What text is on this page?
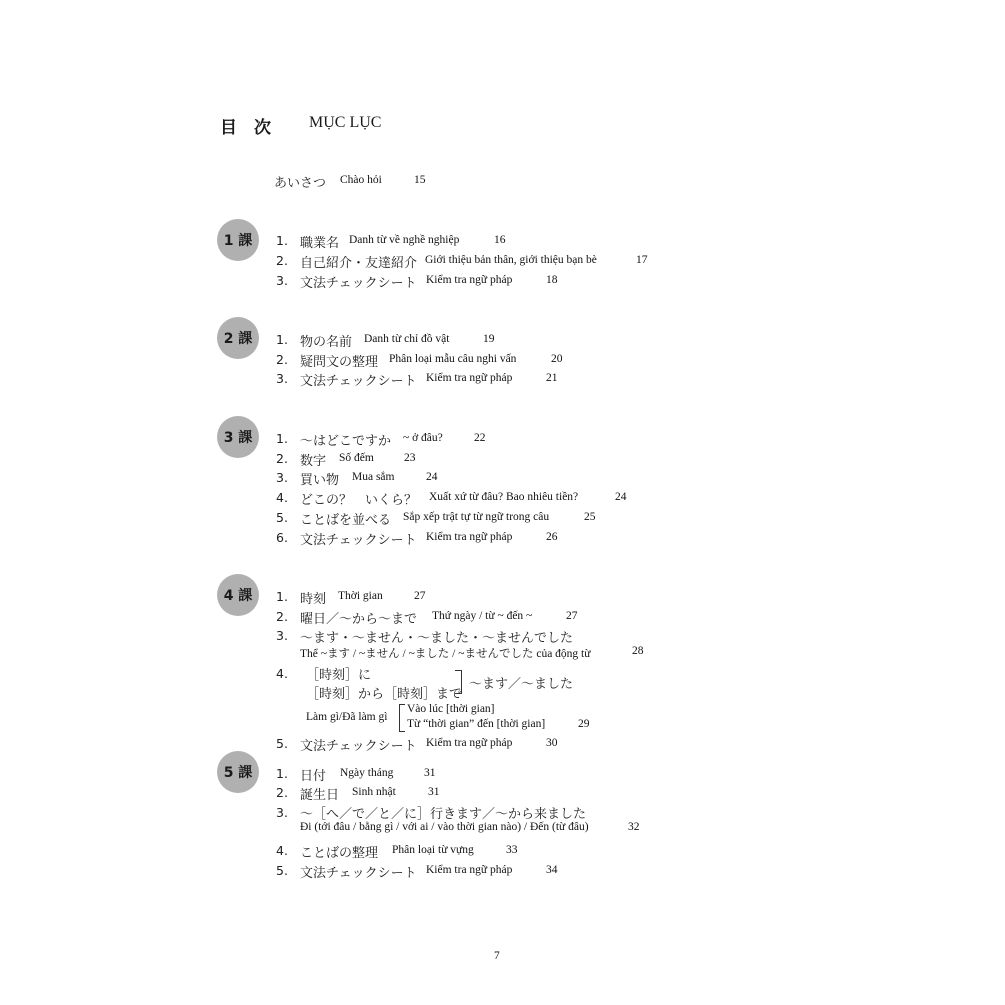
目　次 MỤC LỤC
あいさつ Chào hỏi	15
1 課 1. 職業名 Danh từ về nghề nghiệp	16
2. 自己紹介・友達紹介 Giới thiệu bản thân, giới thiệu bạn bè	17
3. 文法チェックシート Kiểm tra ngữ pháp	18
2 課 1. 物の名前 Danh từ chỉ đồ vật	19
2. 疑問文の整理 Phân loại mẫu câu nghi vấn	20
3. 文法チェックシート Kiểm tra ngữ pháp	21
3 課 1. 〜はどこですか ~ ở đâu?	22
2. 数字 Số đếm	23
3. 買い物 Mua sắm	24
4. どこの？　いくら？ Xuất xứ từ đâu? Bao nhiêu tiền?	24
5. ことばを並べる Sắp xếp trật tự từ ngữ trong câu	25
6. 文法チェックシート Kiểm tra ngữ pháp	26
4 課 1. 時刻 Thời gian	27
2. 曜日／〜から〜まで Thứ ngày / từ ~ đến ~	27
3. 〜ます・〜ません・〜ました・〜ませんでした
Thể ~ます / ~ません / ~ました / ~ませんでした của động từ	28
4. ［時刻］に
［時刻］から［時刻］まで
〜ます／〜ました
Làm gì/Đã làm gì
Vào lúc [thời gian]
Từ “thời gian” đến [thời gian]	29
5. 文法チェックシート Kiểm tra ngữ pháp	30
5 課 1. 日付 Ngày tháng	31
2. 誕生日 Sinh nhật	31
3. 〜［へ／で／と／に］行きます／〜から来ました
Đi (tới đâu / bằng gì / với ai / vào thời gian nào) / Đến (từ đâu)	32
4. ことばの整理 Phân loại từ vựng	33
5. 文法チェックシート Kiểm tra ngữ pháp	34
7
